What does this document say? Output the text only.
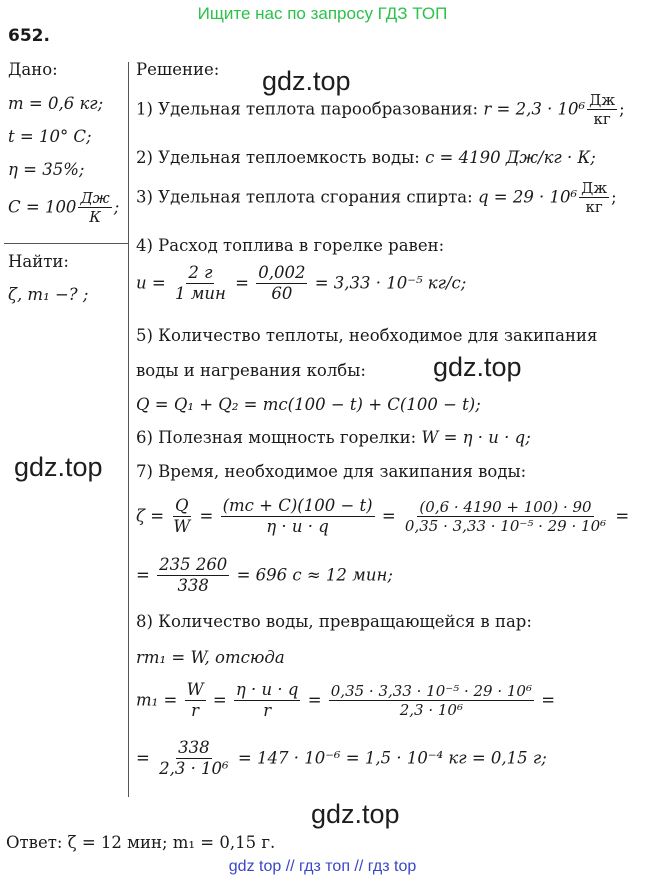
Ищите нас по запросу ГДЗ ТОП
652.
Дано:
m = 0,6 кг;
t = 10° C;
η = 35%;
$C = 100 \frac{Дж}{К}$ ;
Найти:
ζ, m₁ −? ;
Решение:
1) Удельная теплота парообразования: $r = 2,3 \cdot 10^6 \frac{Дж}{кг}$ ;
2) Удельная теплоемкость воды: c = 4190 Дж/кг · К;
3) Удельная теплота сгорания спирта: $q = 29 \cdot 10^6 \frac{Дж}{кг}$ ;
4) Расход топлива в горелке равен:
$u = \frac{2 г}{\text{1 мин}} = \frac{0,002}{60} = 3,33 \cdot 10^{-5}$ кг/с;
5) Количество теплоты, необходимое для закипания
воды и нагревания колбы:
Q = Q₁ + Q₂ = mc(100 − t) + C(100 − t);
6) Полезная мощность горелки: W = η · u · q;
7) Время, необходимое для закипания воды:
$\zeta = \frac{Q}{W} = \frac{(mc + C)(100 - t)}{\eta \cdot u \cdot q} = \frac{(0,6 \cdot 4190 + 100) \cdot 90}{\text{0,35 · 3,33 · 10⁻⁵ · 29 · 10⁶}}$ =
= $\frac{235 260}{338} = 696$ с ≈ 12 мин;
8) Количество воды, превращающейся в пар:
rm₁ = W, отсюда
$m_1 = \frac{W}{r} = \frac{\eta \cdot u \cdot q}{r} = \frac{\text{0,35 · 3,33 · 10⁻⁵ · 29 · 10⁶}}{\text{2,3 · 10⁶}}$ =
= $\frac{338}{\text{2,3 · 10⁶}} = 147 \cdot 10^{-6} = 1,5 \cdot 10^{-4}$ кг = 0,15 г;
gdz.top
gdz.top
gdz.top
gdz.top
Ответ: ζ = 12 мин; m₁ = 0,15 г.
gdz top // гдз топ // гдз top
